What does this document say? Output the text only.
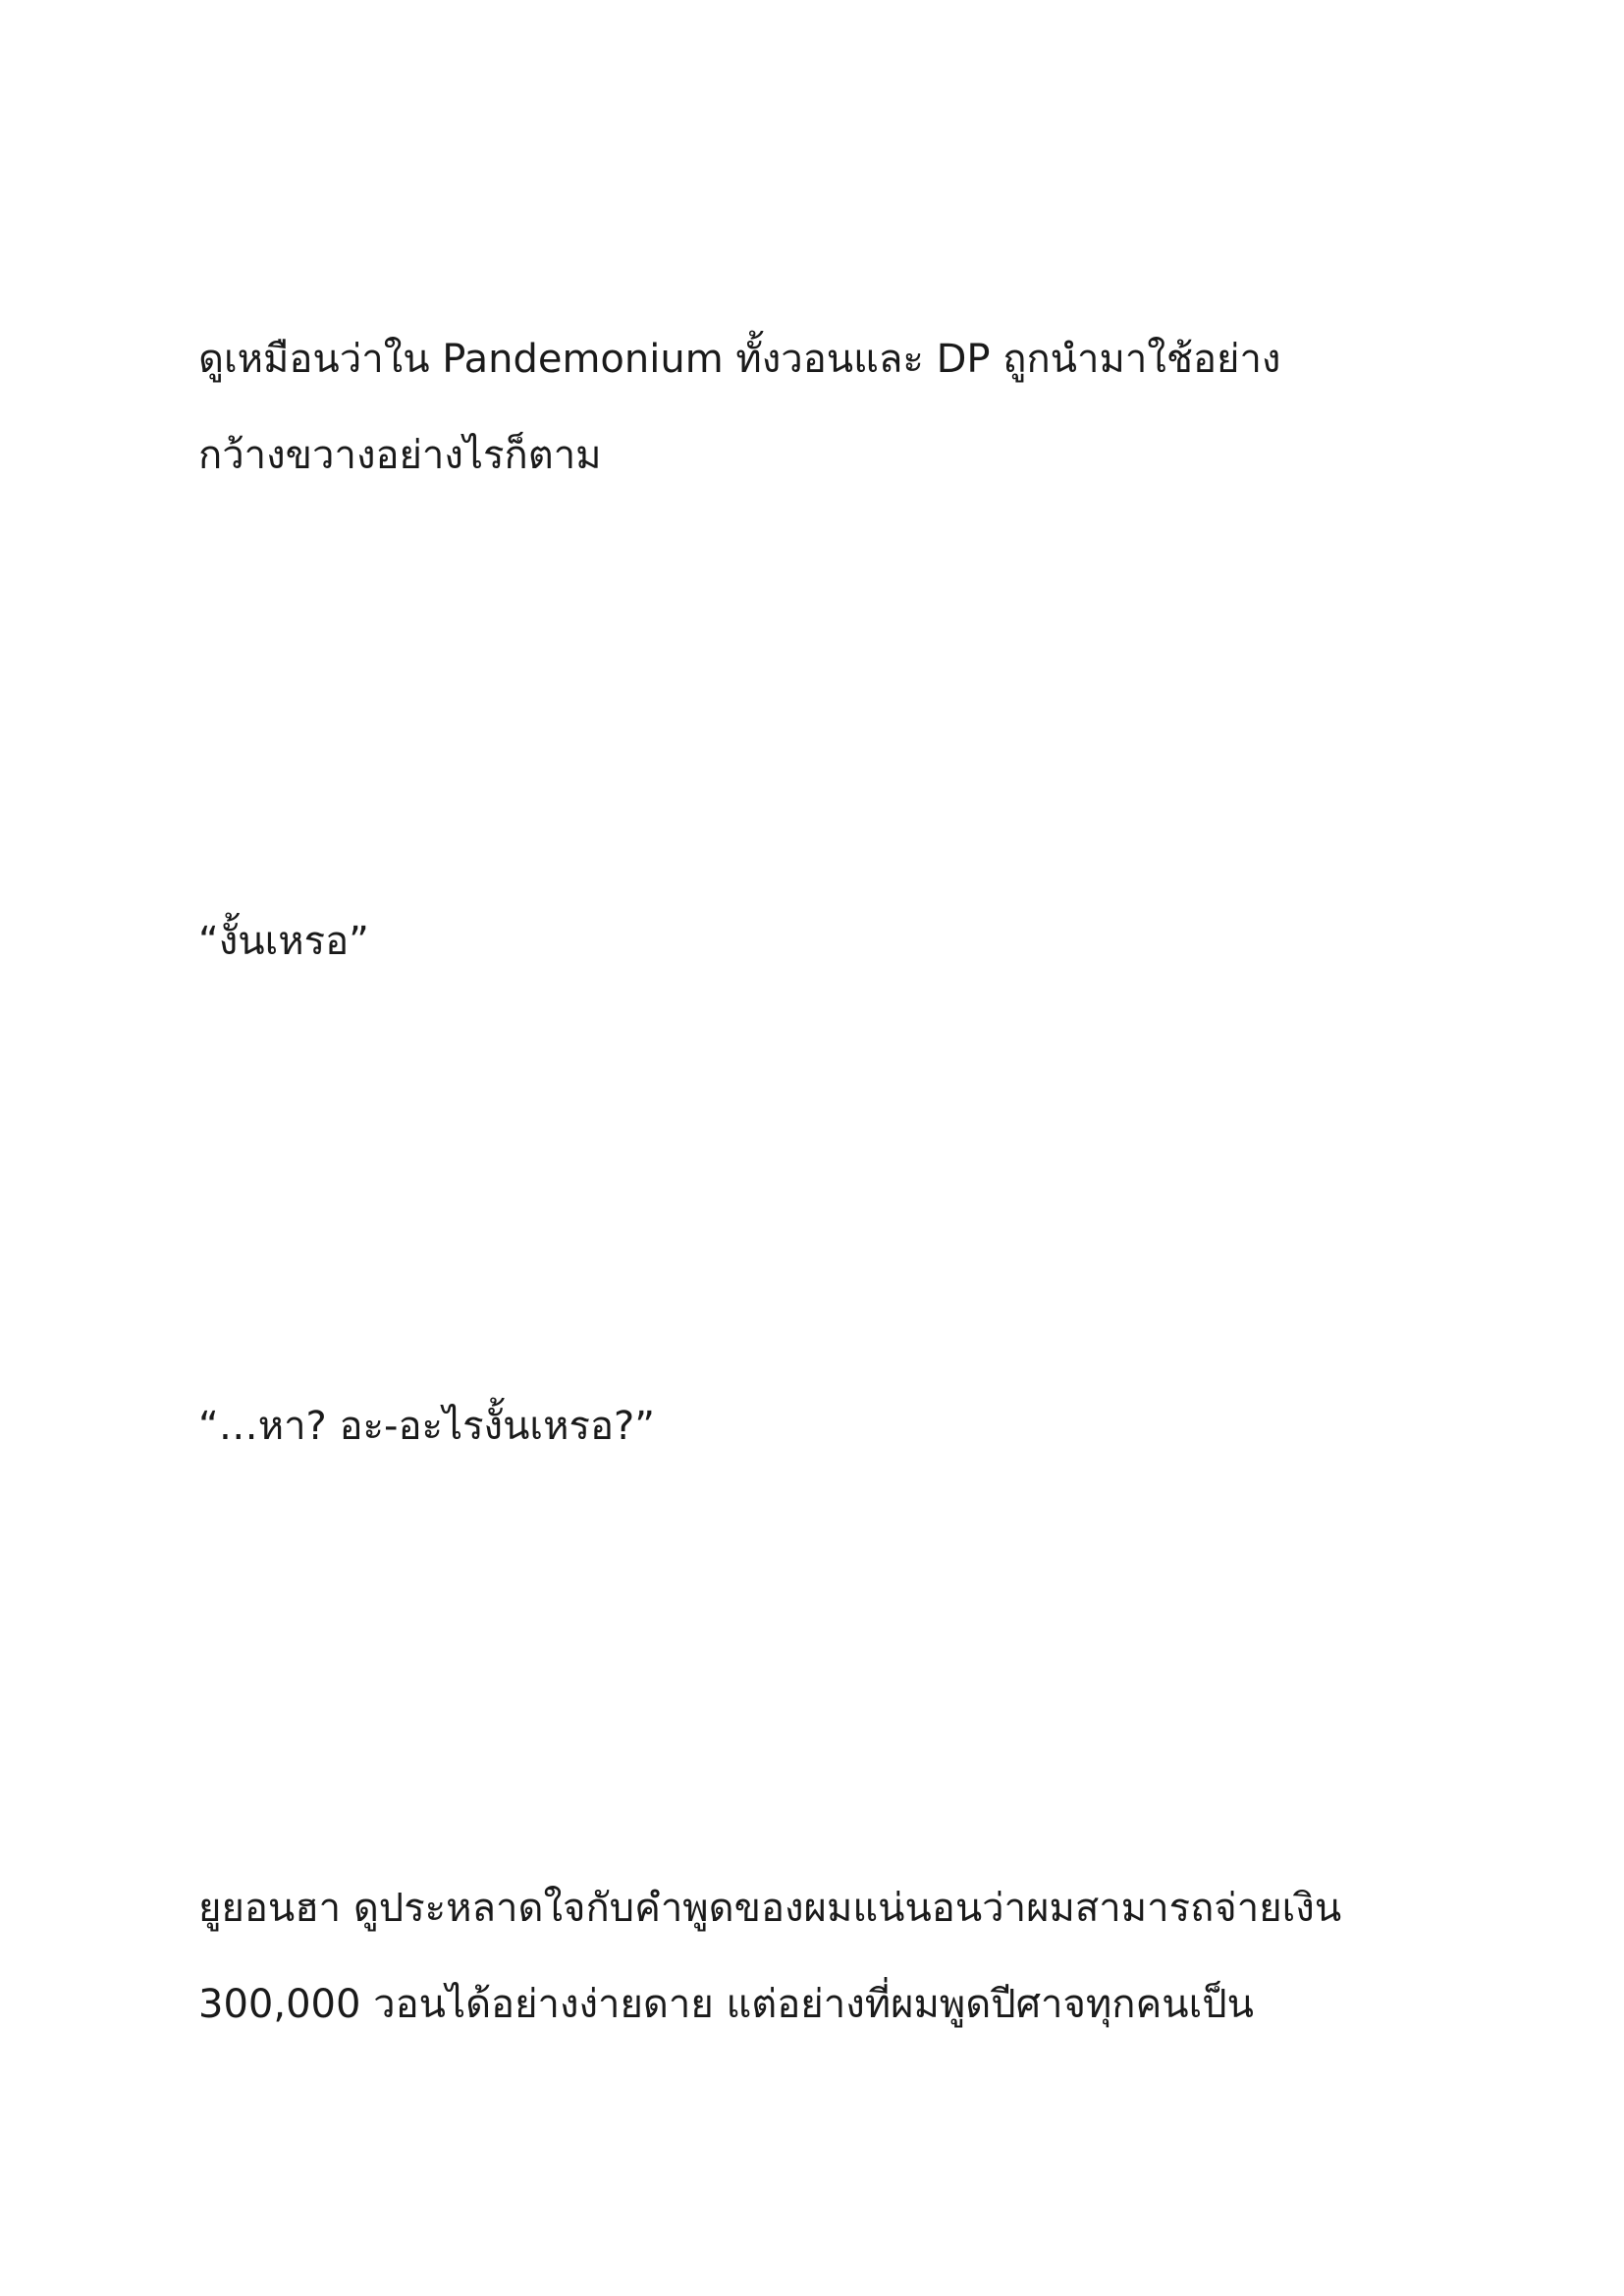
ดูเหมือนว่าใน Pandemonium ทั้งวอนและ DP ถูกนำมาใช้อย่าง
กว้างขวางอย่างไรก็ตาม

“งั้นเหรอ”

“…หา? อะ-อะไรงั้นเหรอ?”

ยูยอนฮา ดูประหลาดใจกับคำพูดของผมแน่นอนว่าผมสามารถจ่ายเงิน
300,000 วอนได้อย่างง่ายดาย แต่อย่างที่ผมพูดปีศาจทุกคนเป็น
